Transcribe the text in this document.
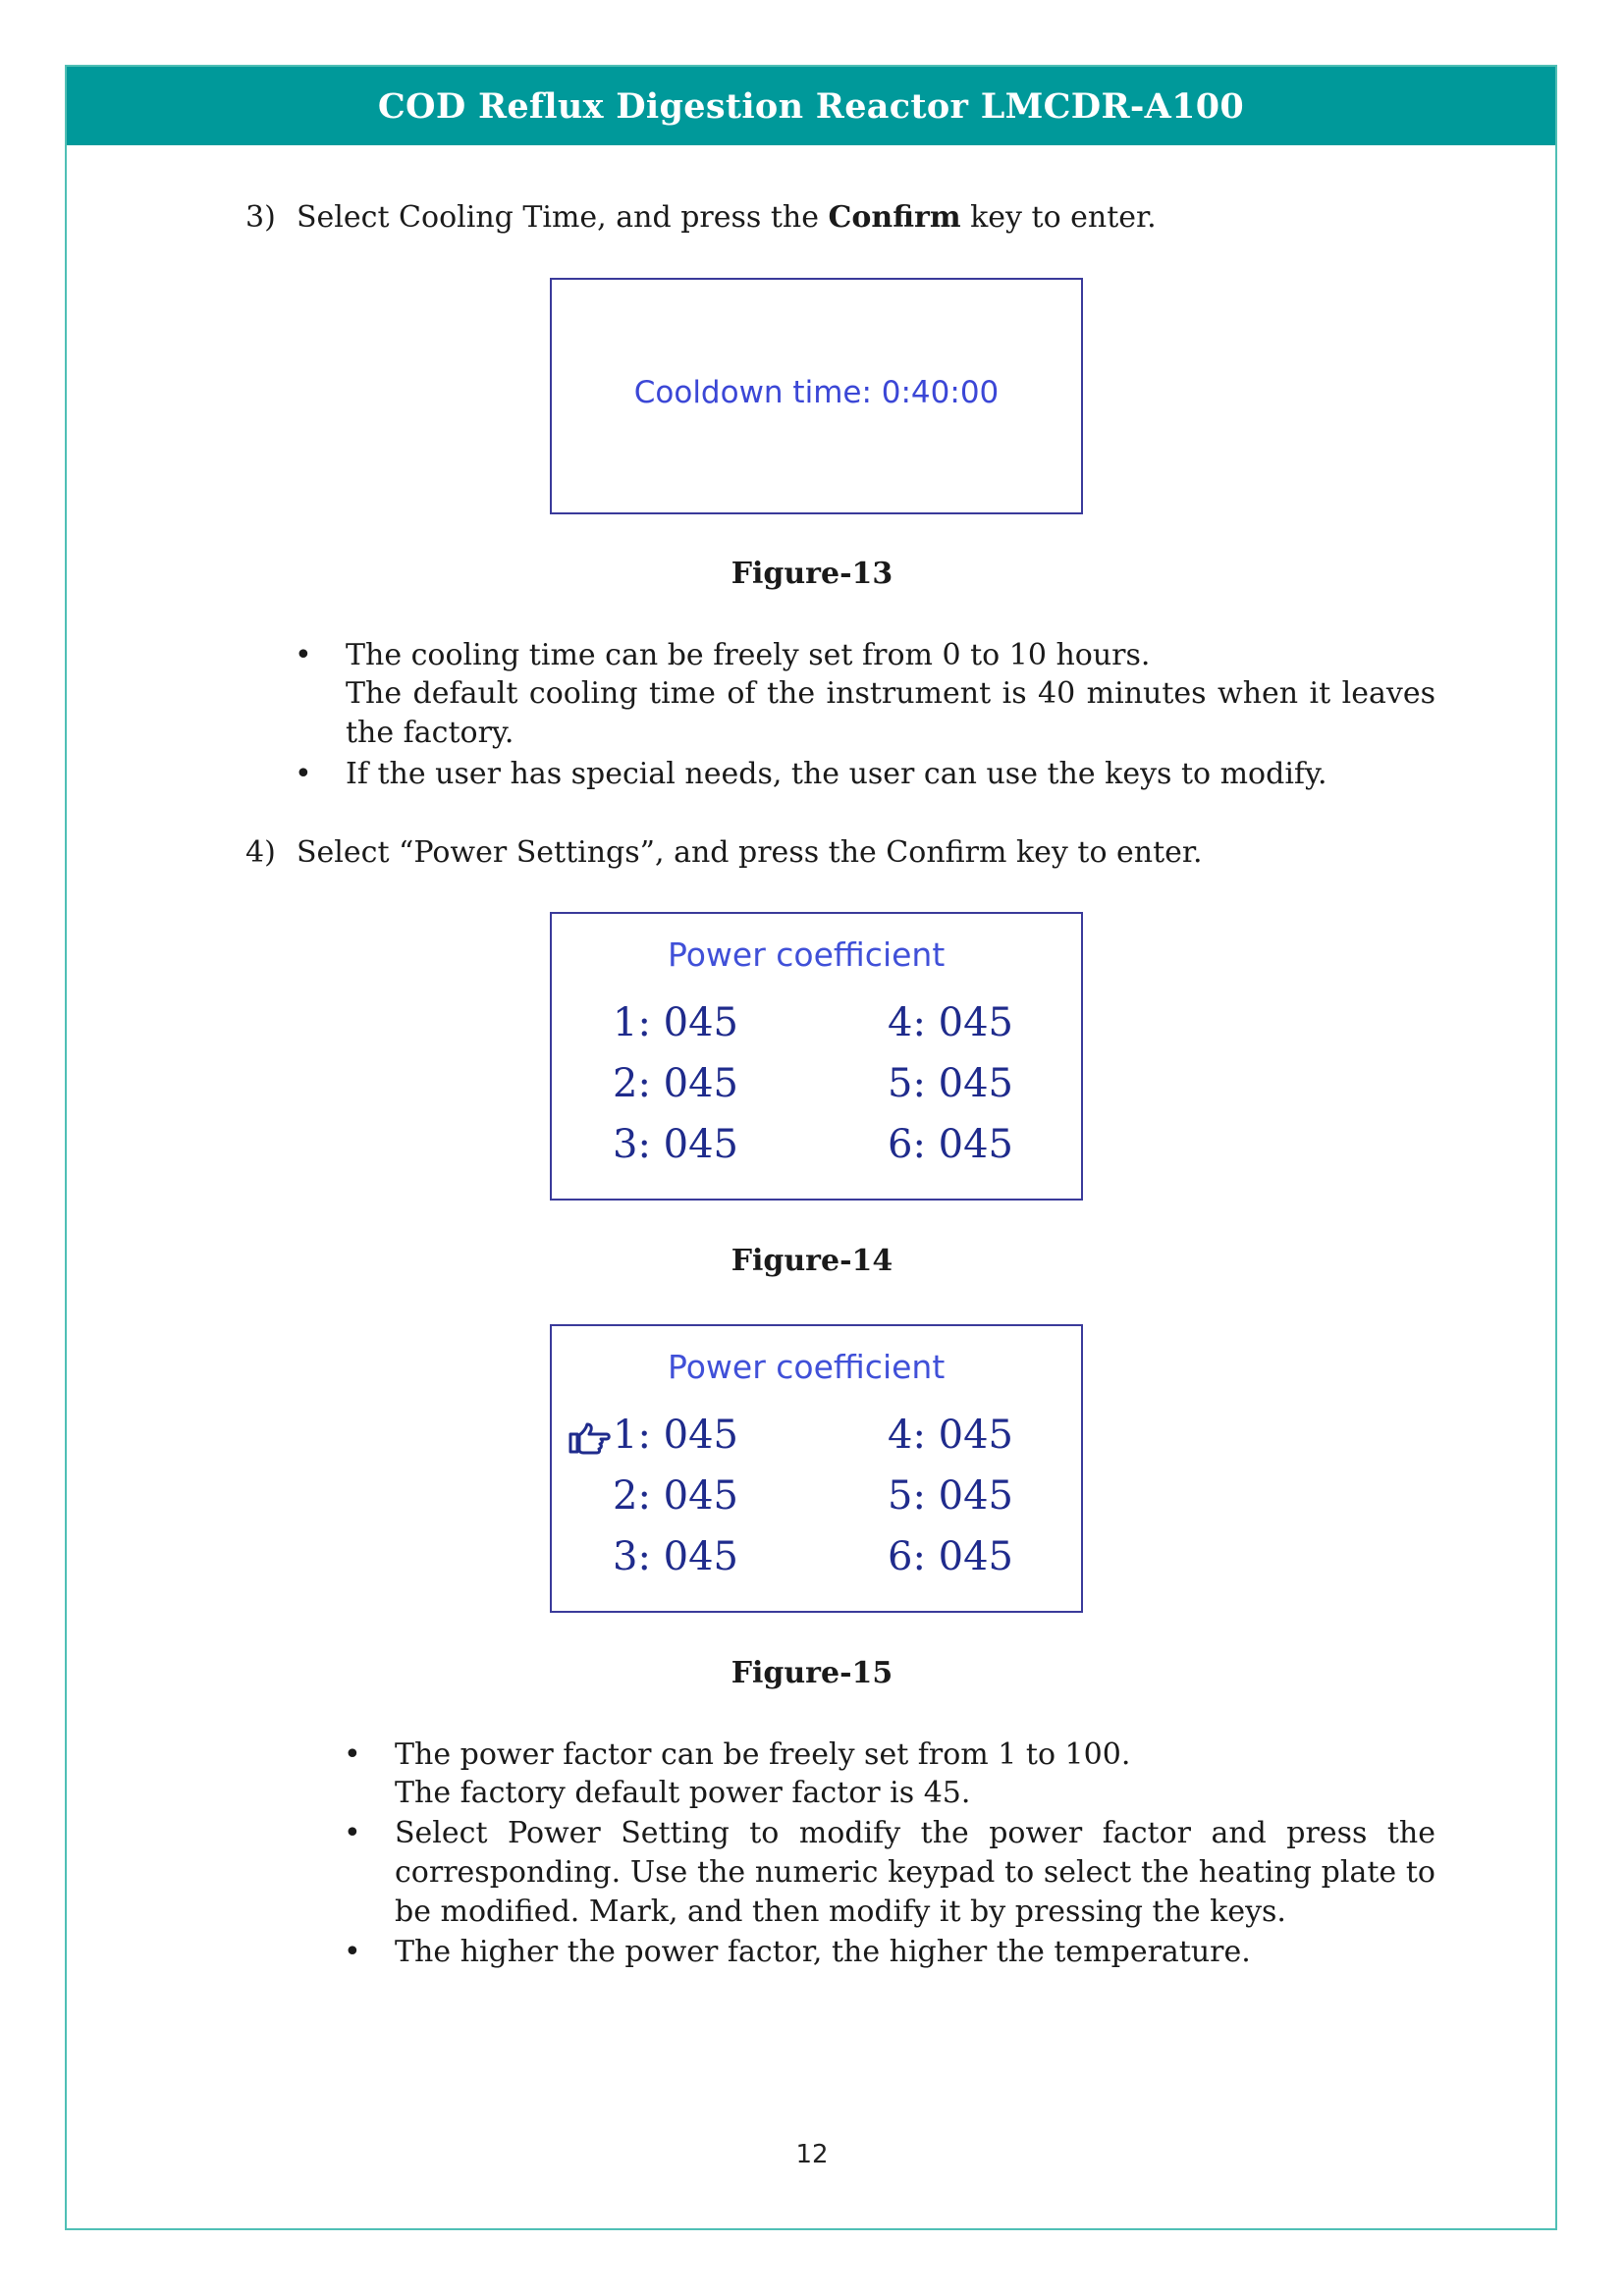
COD Reflux Digestion Reactor LMCDR-A100
3) Select Cooling Time, and press the Confirm key to enter.
Cooldown time: 0:40:00
Figure-13
• The cooling time can be freely set from 0 to 10 hours.
The default cooling time of the instrument is 40 minutes when it leaves the factory.
• If the user has special needs, the user can use the keys to modify.
4) Select “Power Settings”, and press the Confirm key to enter.
Power coefficient
1: 045
2: 045
3: 045
4: 045
5: 045
6: 045
Figure-14
Power coefficient
1: 045
2: 045
3: 045
4: 045
5: 045
6: 045
Figure-15
• The power factor can be freely set from 1 to 100.
The factory default power factor is 45.
• Select Power Setting to modify the power factor and press the corresponding. Use the numeric keypad to select the heating plate to be modified. Mark, and then modify it by pressing the keys.
• The higher the power factor, the higher the temperature.
12
